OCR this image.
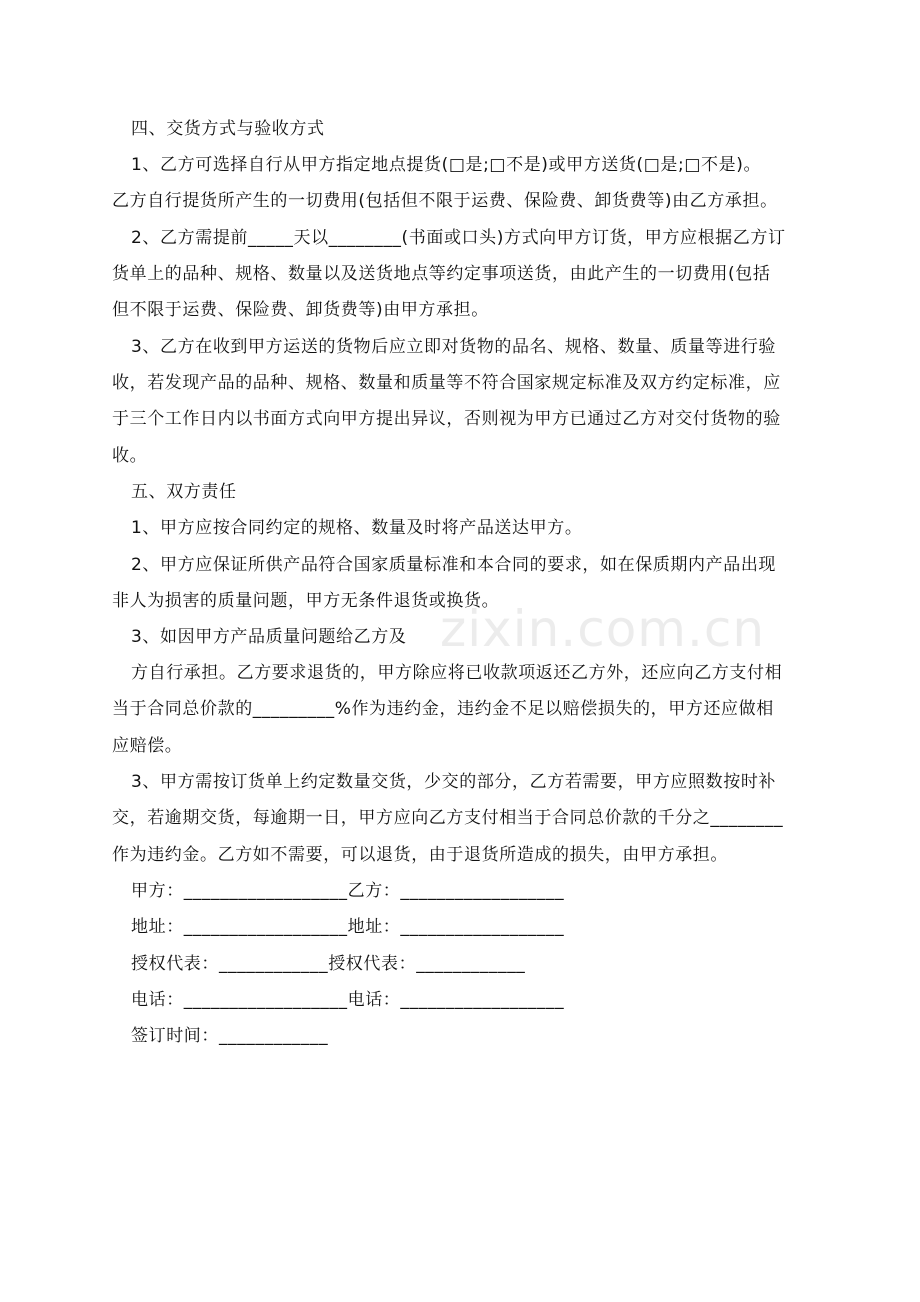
四、交货方式与验收方式
1、乙方可选择自行从甲方指定地点提货(□是;□不是)或甲方送货(□是;□不是)。
乙方自行提货所产生的一切费用(包括但不限于运费、保险费、卸货费等)由乙方承担。
2、乙方需提前_____天以________(书面或口头)方式向甲方订货，甲方应根据乙方订
货单上的品种、规格、数量以及送货地点等约定事项送货，由此产生的一切费用(包括
但不限于运费、保险费、卸货费等)由甲方承担。
3、乙方在收到甲方运送的货物后应立即对货物的品名、规格、数量、质量等进行验
收，若发现产品的品种、规格、数量和质量等不符合国家规定标准及双方约定标准，应
于三个工作日内以书面方式向甲方提出异议，否则视为甲方已通过乙方对交付货物的验
收。
五、双方责任
1、甲方应按合同约定的规格、数量及时将产品送达甲方。
2、甲方应保证所供产品符合国家质量标准和本合同的要求，如在保质期内产品出现
非人为损害的质量问题，甲方无条件退货或换货。
3、如因甲方产品质量问题给乙方及
方自行承担。乙方要求退货的，甲方除应将已收款项返还乙方外，还应向乙方支付相
当于合同总价款的_________%作为违约金，违约金不足以赔偿损失的，甲方还应做相
应赔偿。
3、甲方需按订货单上约定数量交货，少交的部分，乙方若需要，甲方应照数按时补
交，若逾期交货，每逾期一日，甲方应向乙方支付相当于合同总价款的千分之________
作为违约金。乙方如不需要，可以退货，由于退货所造成的损失，由甲方承担。
甲方：__________________乙方：__________________
地址：__________________地址：__________________
授权代表：____________授权代表：____________
电话：__________________电话：__________________
签订时间：____________
zixin.com.cn
